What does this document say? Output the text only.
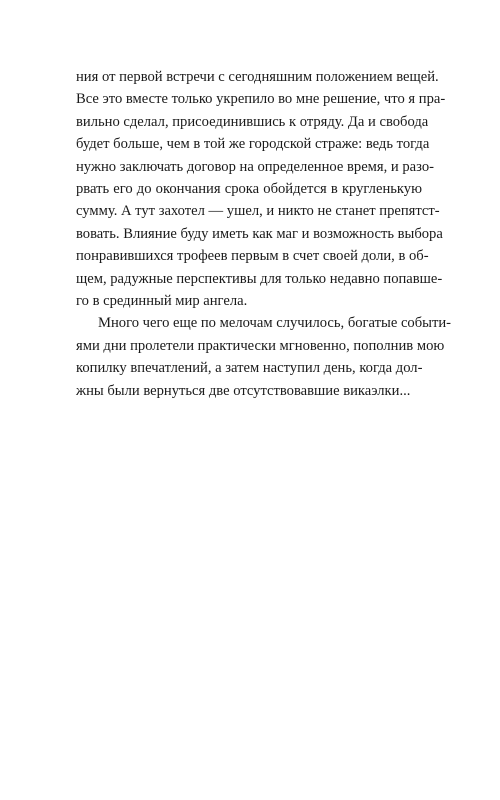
ния от первой встречи с сегодняшним положением вещей.
Все это вместе только укрепило во мне решение, что я пра-
вильно сделал, присоединившись к отряду. Да и свобода
будет больше, чем в той же городской страже: ведь тогда
нужно заключать договор на определенное время, и разо-
рвать его до окончания срока обойдется в кругленькую
сумму. А тут захотел — ушел, и никто не станет препятст-
вовать. Влияние буду иметь как маг и возможность выбора
понравившихся трофеев первым в счет своей доли, в об-
щем, радужные перспективы для только недавно попавше-
го в срединный мир ангела.
Много чего еще по мелочам случилось, богатые событи-
ями дни пролетели практически мгновенно, пополнив мою
копилку впечатлений, а затем наступил день, когда дол-
жны были вернуться две отсутствовавшие викаэлки...
